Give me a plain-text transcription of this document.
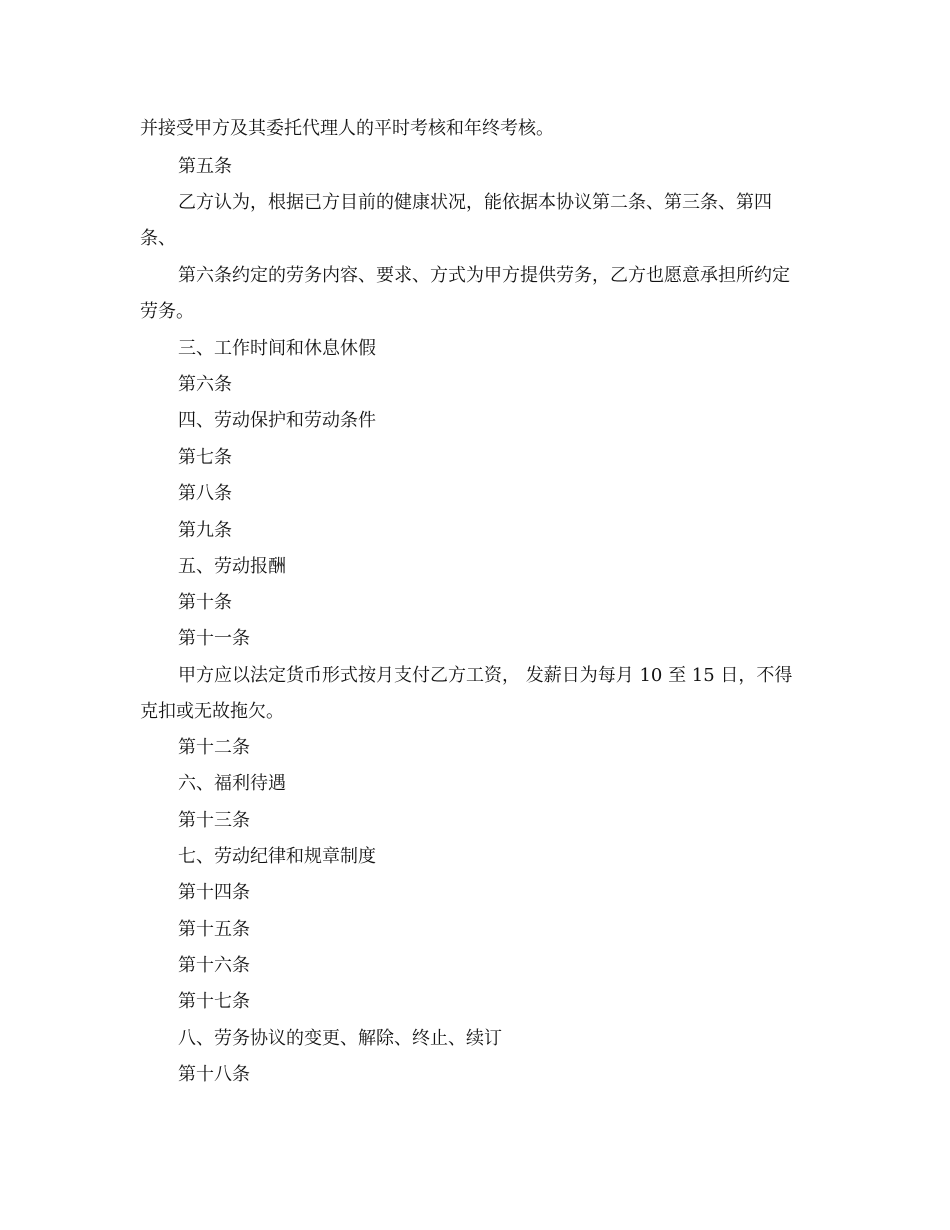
并接受甲方及其委托代理人的平时考核和年终考核。
第五条
乙方认为，根据已方目前的健康状况，能依据本协议第二条、第三条、第四
条、
第六条约定的劳务内容、要求、方式为甲方提供劳务，乙方也愿意承担所约定
劳务。
三、工作时间和休息休假
第六条
四、劳动保护和劳动条件
第七条
第八条
第九条
五、劳动报酬
第十条
第十一条
甲方应以法定货币形式按月支付乙方工资， 发薪日为每月 10 至 15 日，不得
克扣或无故拖欠。
第十二条
六、福利待遇
第十三条
七、劳动纪律和规章制度
第十四条
第十五条
第十六条
第十七条
八、劳务协议的变更、解除、终止、续订
第十八条
